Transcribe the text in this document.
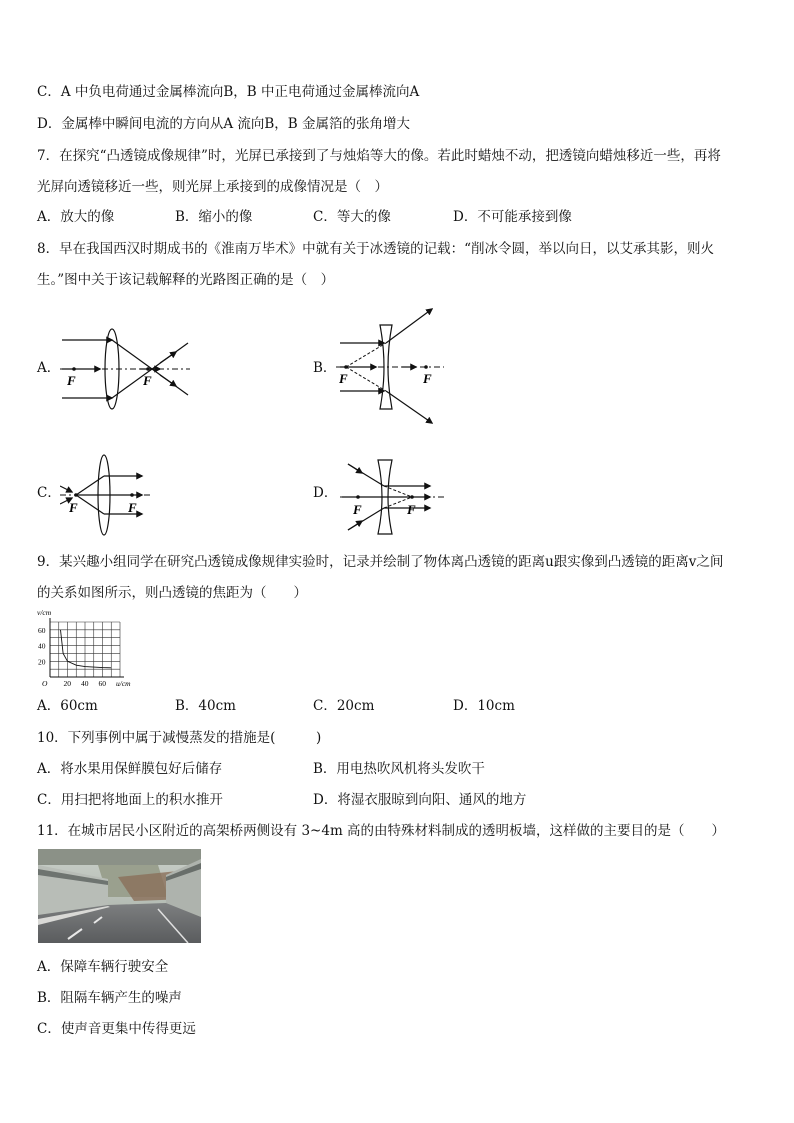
C．A 中负电荷通过金属棒流向B，B 中正电荷通过金属棒流向A
D．金属棒中瞬间电流的方向从A 流向B，B 金属箔的张角增大
7．在探究“凸透镜成像规律”时，光屏已承接到了与烛焰等大的像。若此时蜡烛不动，把透镜向蜡烛移近一些，再将
光屏向透镜移近一些，则光屏上承接到的成像情况是（　）
A．放大的像	B．缩小的像	C．等大的像	D．不可能承接到像
8．早在我国西汉时期成书的《淮南万毕术》中就有关于冰透镜的记载：“削冰令圆，举以向日，以艾承其影，则火
生。”图中关于该记载解释的光路图正确的是（　）
A．
F	F
B．
F	F
C．
F	F
D．
F	F
9．某兴趣小组同学在研究凸透镜成像规律实验时，记录并绘制了物体离凸透镜的距离u跟实像到凸透镜的距离v之间
的关系如图所示，则凸透镜的焦距为（　　）
20 40 60
20
40
60
O	u/cm
v/cm
A．60cm	B．40cm	C．20cm	D．10cm
10．下列事例中属于减慢蒸发的措施是(　　　)
A．将水果用保鲜膜包好后储存	B．用电热吹风机将头发吹干
C．用扫把将地面上的积水推开	D．将湿衣服晾到向阳、通风的地方
11．在城市居民小区附近的高架桥两侧设有 3~4m 高的由特殊材料制成的透明板墙，这样做的主要目的是（　　）
A．保障车辆行驶安全
B．阻隔车辆产生的噪声
C．使声音更集中传得更远
